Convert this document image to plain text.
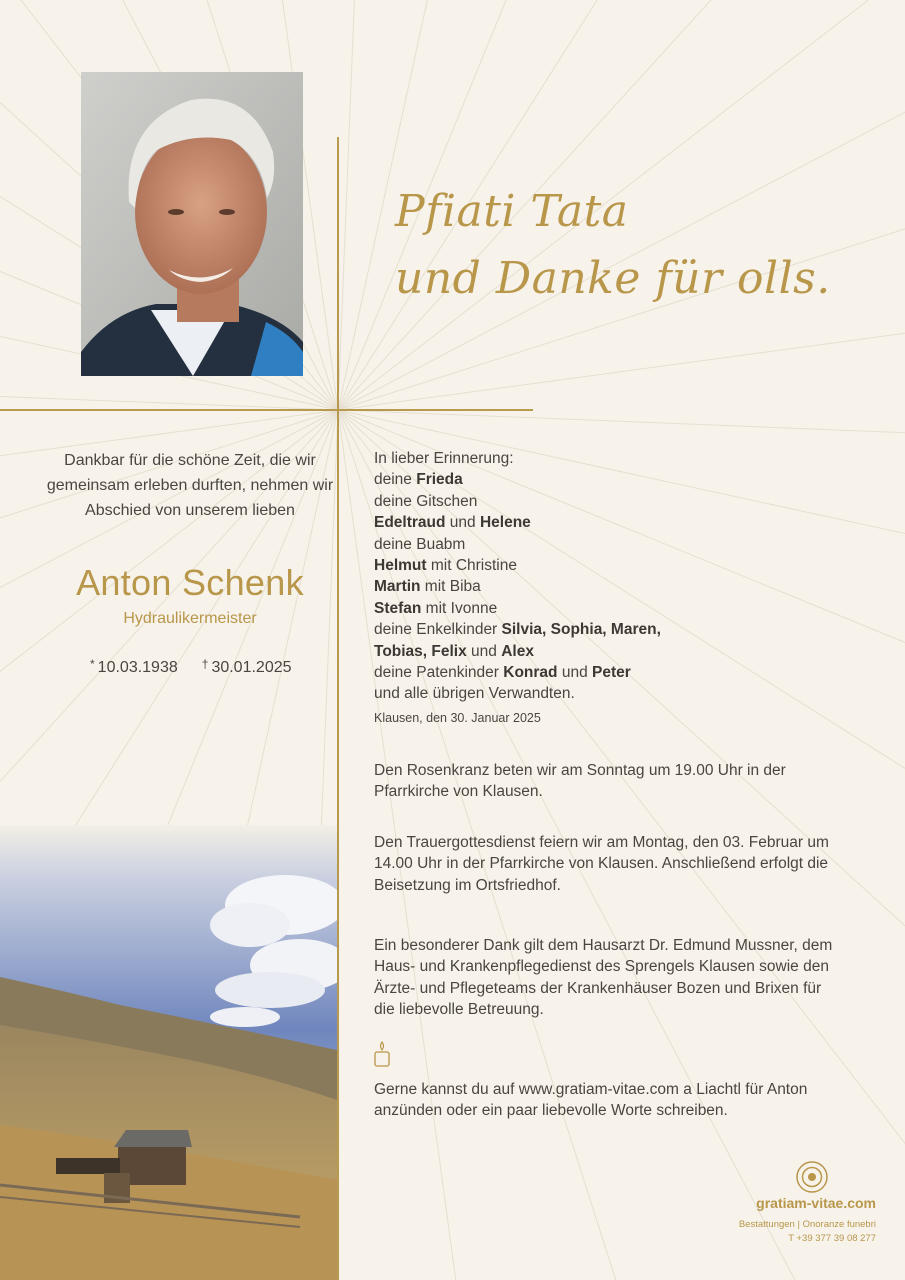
Pfiati Tata
und Danke für olls.
Dankbar für die schöne Zeit, die wir gemeinsam erleben durften, nehmen wir Abschied von unserem lieben
Anton Schenk
Hydraulikermeister
* 10.03.1938 † 30.01.2025
In lieber Erinnerung:
deine Frieda
deine Gitschen
Edeltraud und Helene
deine Buabm
Helmut mit Christine
Martin mit Biba
Stefan mit Ivonne
deine Enkelkinder Silvia, Sophia, Maren,
Tobias, Felix und Alex
deine Patenkinder Konrad und Peter
und alle übrigen Verwandten.
Klausen, den 30. Januar 2025
Den Rosenkranz beten wir am Sonntag um 19.00 Uhr in der Pfarrkirche von Klausen.
Den Trauergottesdienst feiern wir am Montag, den 03. Februar um 14.00 Uhr in der Pfarrkirche von Klausen. Anschließend erfolgt die Beisetzung im Ortsfriedhof.
Ein besonderer Dank gilt dem Hausarzt Dr. Edmund Mussner, dem Haus- und Krankenpflegedienst des Sprengels Klausen sowie den Ärzte- und Pflegeteams der Krankenhäuser Bozen und Brixen für die liebevolle Betreuung.
Gerne kannst du auf www.gratiam-vitae.com a Liachtl für Anton anzünden oder ein paar liebevolle Worte schreiben.
gratiam-vitae.com
Bestattungen | Onoranze funebri
T +39 377 39 08 277
